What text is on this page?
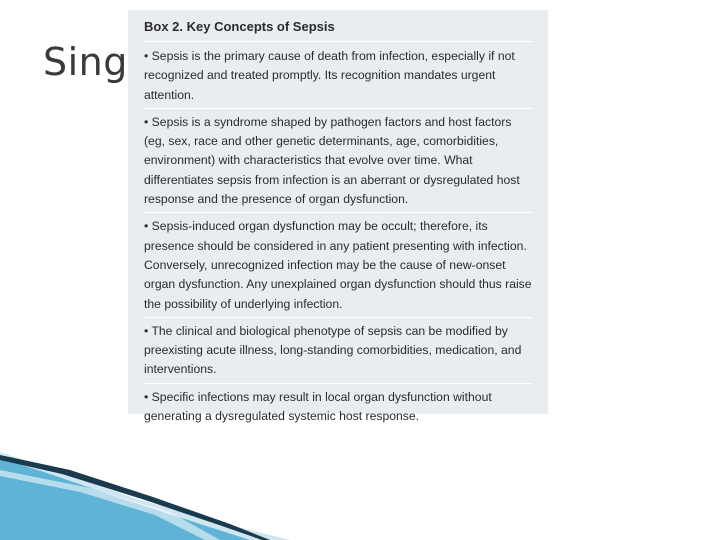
Sing
Box 2. Key Concepts of Sepsis
• Sepsis is the primary cause of death from infection, especially if not recognized and treated promptly. Its recognition mandates urgent attention.
• Sepsis is a syndrome shaped by pathogen factors and host factors (eg, sex, race and other genetic determinants, age, comorbidities, environment) with characteristics that evolve over time. What differentiates sepsis from infection is an aberrant or dysregulated host response and the presence of organ dysfunction.
• Sepsis-induced organ dysfunction may be occult; therefore, its presence should be considered in any patient presenting with infection. Conversely, unrecognized infection may be the cause of new-onset organ dysfunction. Any unexplained organ dysfunction should thus raise the possibility of underlying infection.
• The clinical and biological phenotype of sepsis can be modified by preexisting acute illness, long-standing comorbidities, medication, and interventions.
• Specific infections may result in local organ dysfunction without generating a dysregulated systemic host response.
